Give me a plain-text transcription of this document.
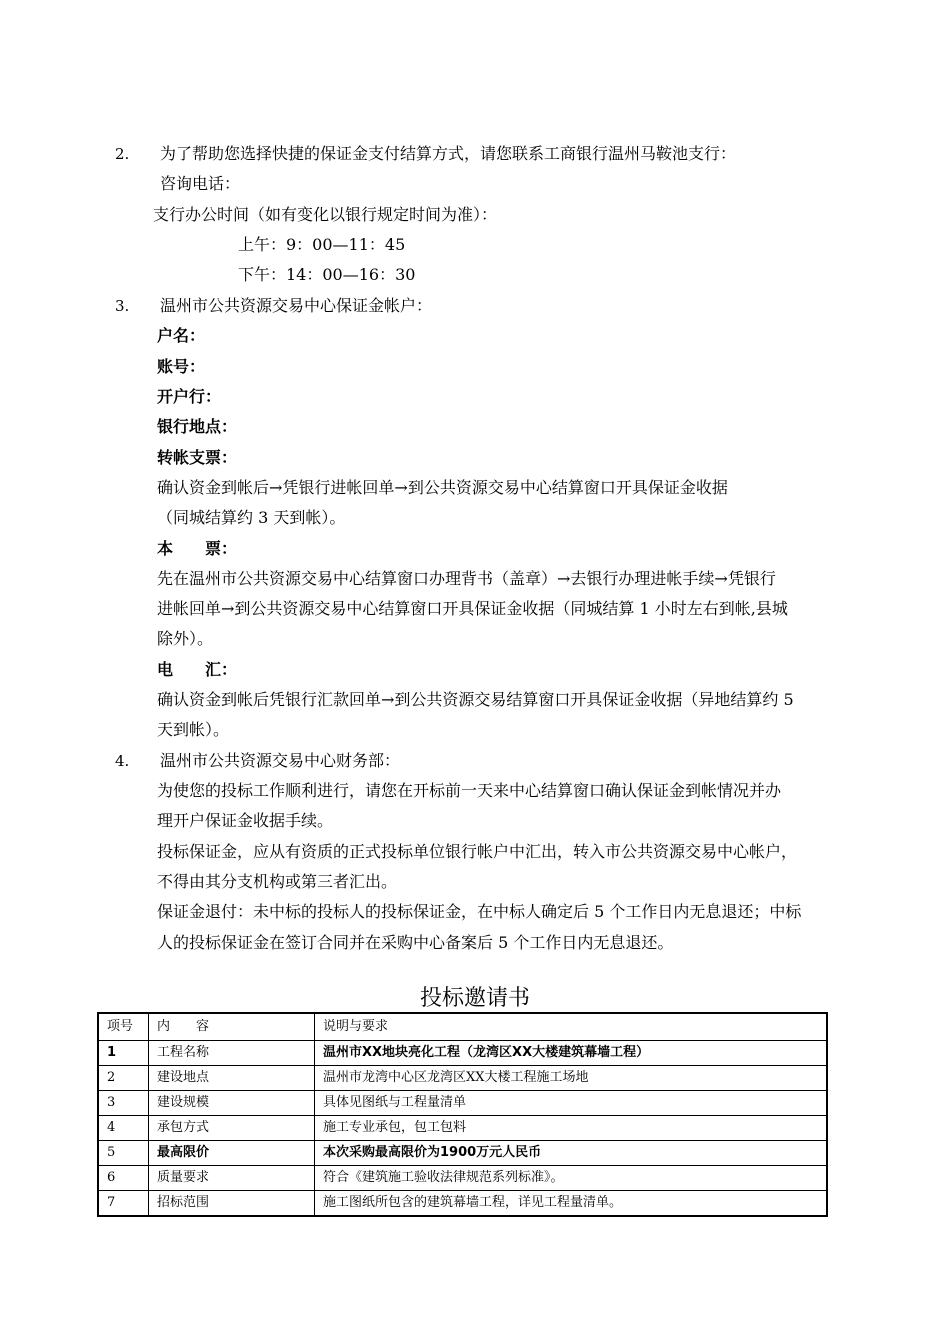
2. 为了帮助您选择快捷的保证金支付结算方式，请您联系工商银行温州马鞍池支行：
咨询电话：
支行办公时间（如有变化以银行规定时间为准）：
上午：9：00—11：45
下午：14：00—16：30
3. 温州市公共资源交易中心保证金帐户：
户名：
账号：
开户行：
银行地点：
转帐支票：
确认资金到帐后→凭银行进帐回单→到公共资源交易中心结算窗口开具保证金收据
（同城结算约 3 天到帐）。
本　　票：
先在温州市公共资源交易中心结算窗口办理背书（盖章）→去银行办理进帐手续→凭银行
进帐回单→到公共资源交易中心结算窗口开具保证金收据（同城结算 1 小时左右到帐,县城
除外）。
电　　汇：
确认资金到帐后凭银行汇款回单→到公共资源交易结算窗口开具保证金收据（异地结算约 5
天到帐）。
4. 温州市公共资源交易中心财务部：
为使您的投标工作顺利进行，请您在开标前一天来中心结算窗口确认保证金到帐情况并办
理开户保证金收据手续。
投标保证金，应从有资质的正式投标单位银行帐户中汇出，转入市公共资源交易中心帐户，
不得由其分支机构或第三者汇出。
保证金退付：未中标的投标人的投标保证金，在中标人确定后 5 个工作日内无息退还；中标
人的投标保证金在签订合同并在采购中心备案后 5 个工作日内无息退还。
投标邀请书
项号	内　　容	说明与要求
1	工程名称	温州市XX地块亮化工程（龙湾区XX大楼建筑幕墙工程）
2	建设地点	温州市龙湾中心区龙湾区XX大楼工程施工场地
3	建设规模	具体见图纸与工程量清单
4	承包方式	施工专业承包，包工包料
5	最高限价	本次采购最高限价为1900万元人民币
6	质量要求	符合《建筑施工验收法律规范系列标准》。
7	招标范围	施工图纸所包含的建筑幕墙工程，详见工程量清单。
